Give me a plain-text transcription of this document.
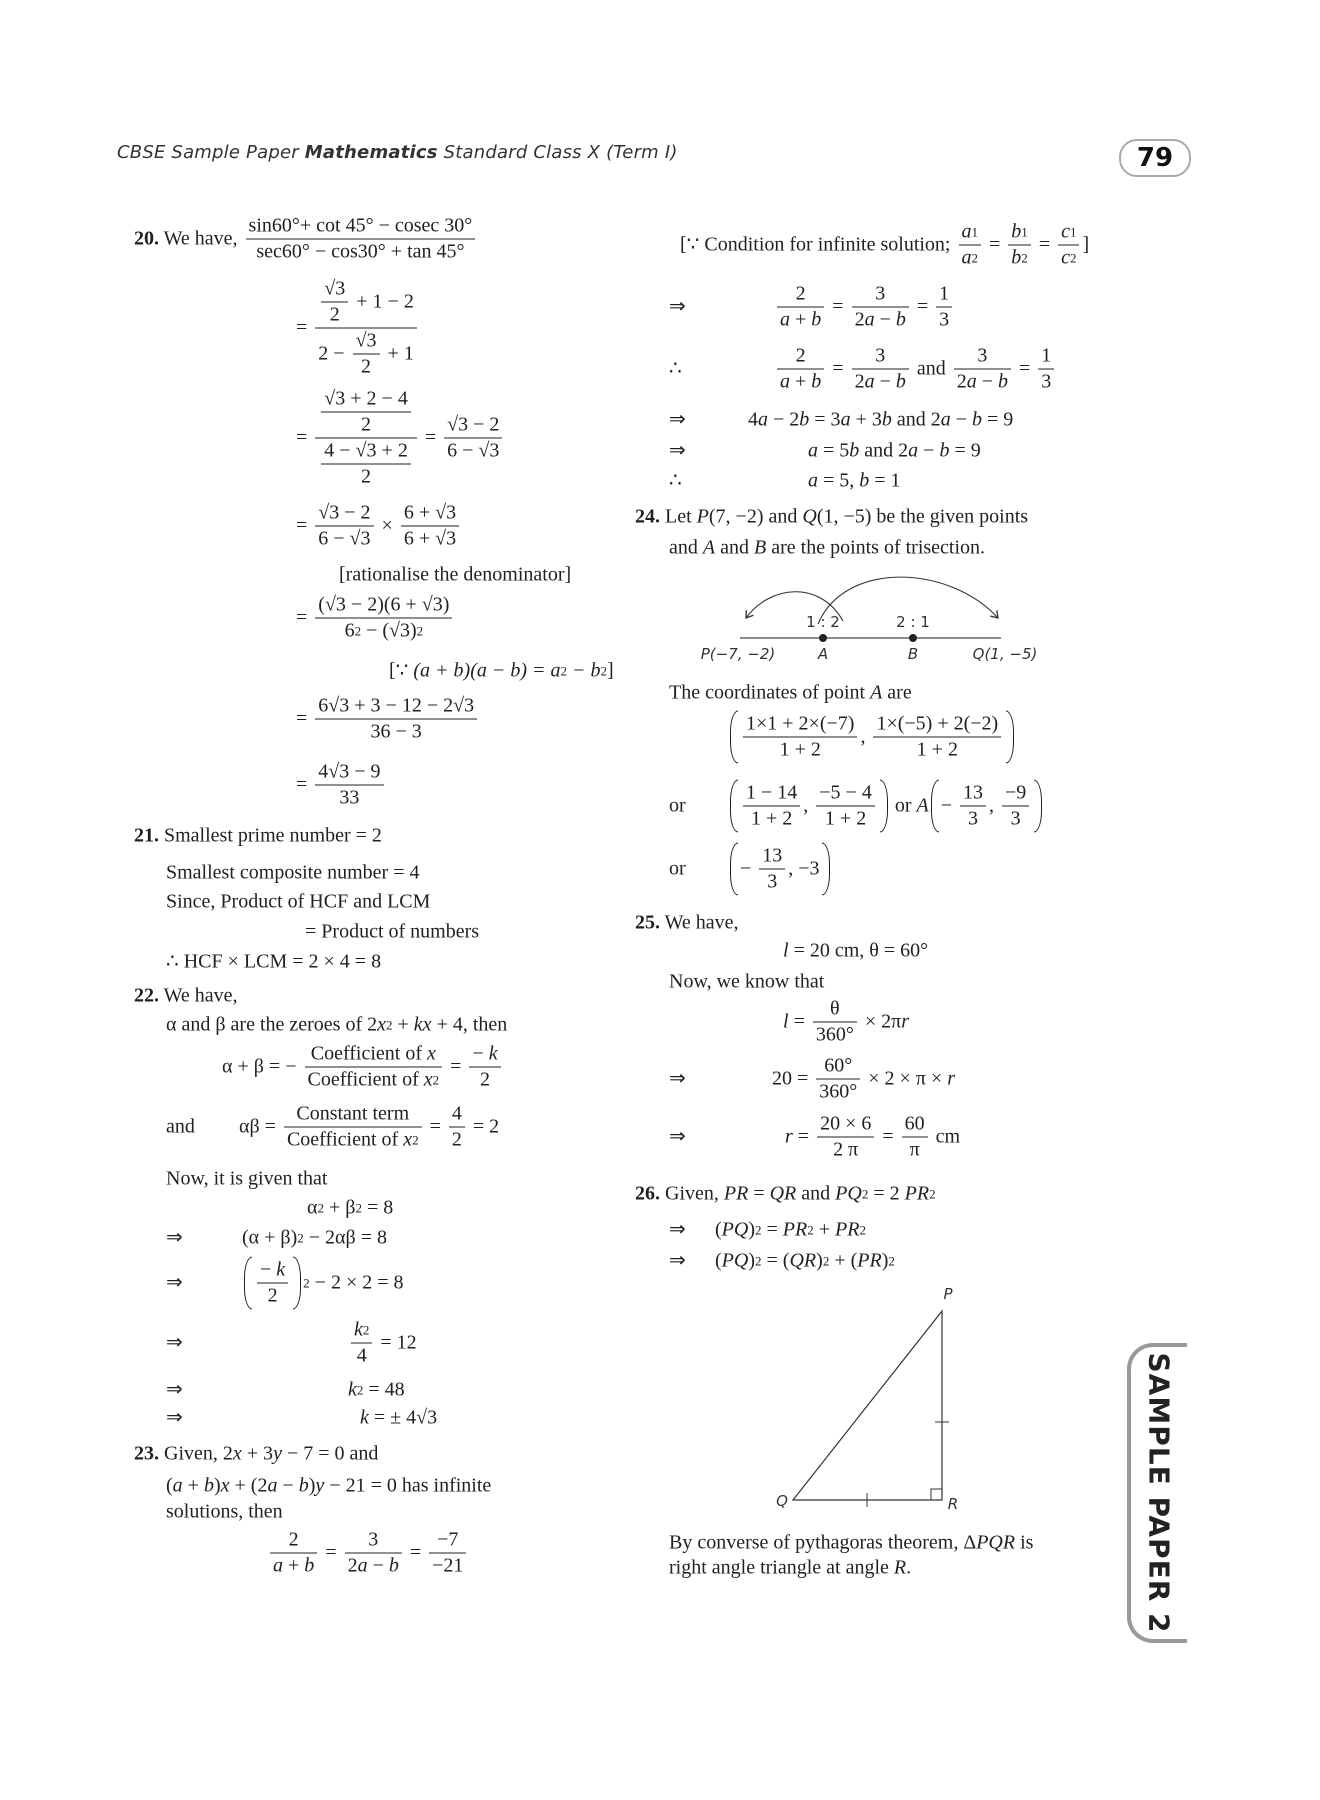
CBSE Sample Paper Mathematics Standard Class X (Term I)	79
SAMPLE PAPER 2
1 : 2	2 : 1
P(−7, −2)	A	B	Q(1, −5)
P
Q	R
20. We have, $\frac{\sin 60^\circ+ \cot 45^\circ - cosec 30^\circ}{\sec 60^\circ - \cos 30^\circ + \tan 45^\circ}$
= $\frac{\frac{√3}{2} + 1 - 2}{2 - \frac{√3}{2} + 1}$
= $\frac{\frac{√3 + 2 - 4}{2}}{\frac{4 - √3 + 2}{2}} = \frac{√3 - 2}{6 - √3}$
= $\frac{√3 - 2}{6 - √3} \times \frac{6 + √3}{6 + √3}$
[rationalise the denominator]
= $\frac{(√3 - 2)(6 + √3)}{6 2 - (√3) 2}$
[∵ (a + b)(a − b) = a 2 − b 2 ]
= $\frac{6√3 + 3 - 12 - 2√3}{36 - 3}$
= $\frac{4√3 - 9}{33}$
21. Smallest prime number = 2
Smallest composite number = 4
Since, Product of HCF and LCM
= Product of numbers
∴ HCF × LCM = 2 × 4 = 8
22. We have,
α and β are the zeroes of 2 x 2 + kx + 4, then
α + β = − $\frac{\text{Coefficient of x}}{\text{Coefficient of x 2}} = \frac{- k}{2}$
and $\alpha\beta = \frac{\text{Constant term}}{\text{Coefficient of x 2}} = \frac{4}{2} = 2$
Now, it is given that
α 2 + β 2 = 8
⇒	(α + β) 2 − 2αβ = 8
⇒	$\frac{- k}{2} 2 - 2 \times 2 = 8$
⇒	$\frac{k 2}{4} = 12$
⇒	k 2 = 48
⇒	k = ± 4√3
23. Given, 2 x + 3 y − 7 = 0 and
( a + b ) x + (2 a − b ) y − 21 = 0 has infinite
solutions, then
$\frac{2}{a + b} = \frac{3}{2 a - b} = \frac{-7}{-21}$
[∵ Condition for infinite solution; $\frac{a 1}{a 2} = \frac{b 1}{b 2} = \frac{c 1}{c 2}$ ]
⇒	$\frac{2}{a + b} = \frac{3}{2 a - b} = \frac{1}{3}$
∴	$\frac{2}{a + b} = \frac{3}{2 a - b}$ and $\frac{3}{2 a - b} = \frac{1}{3}$
⇒	4 a − 2 b = 3 a + 3 b and 2 a − b = 9
⇒	a = 5 b and 2 a − b = 9
∴	a = 5, b = 1
24. Let P (7, −2) and Q (1, −5) be the given points
and A and B are the points of trisection.
The coordinates of point A are
$\frac{1\times 1 + 2\times(-7)}{1 + 2}$ , $\frac{1\times(-5) + 2(-2)}{1 + 2}$
or	$\frac{1 - 14}{1 + 2}$ , $\frac{-5 - 4}{1 + 2}$ or $A - \frac{13}{3}$ , $\frac{-9}{3}$
or	− $\frac{13}{3}$ , −3
25. We have,
l = 20 cm, θ = 60°
Now, we know that
$l = \frac{\theta}{360^\circ} \times 2\pi$ r
⇒	$20 = \frac{60^\circ}{360^\circ} \times 2 \times \pi \times r$
⇒	$r = \frac{20 \times 6}{2 \pi} = \frac{60}{\pi}$ cm
26. Given, PR = QR and PQ 2 = 2 PR 2
⇒ ( PQ ) 2 = PR 2 + PR 2
⇒ ( PQ ) 2 = ( QR ) 2 + ( PR ) 2
By converse of pythagoras theorem, Δ PQR is
right angle triangle at angle R .
